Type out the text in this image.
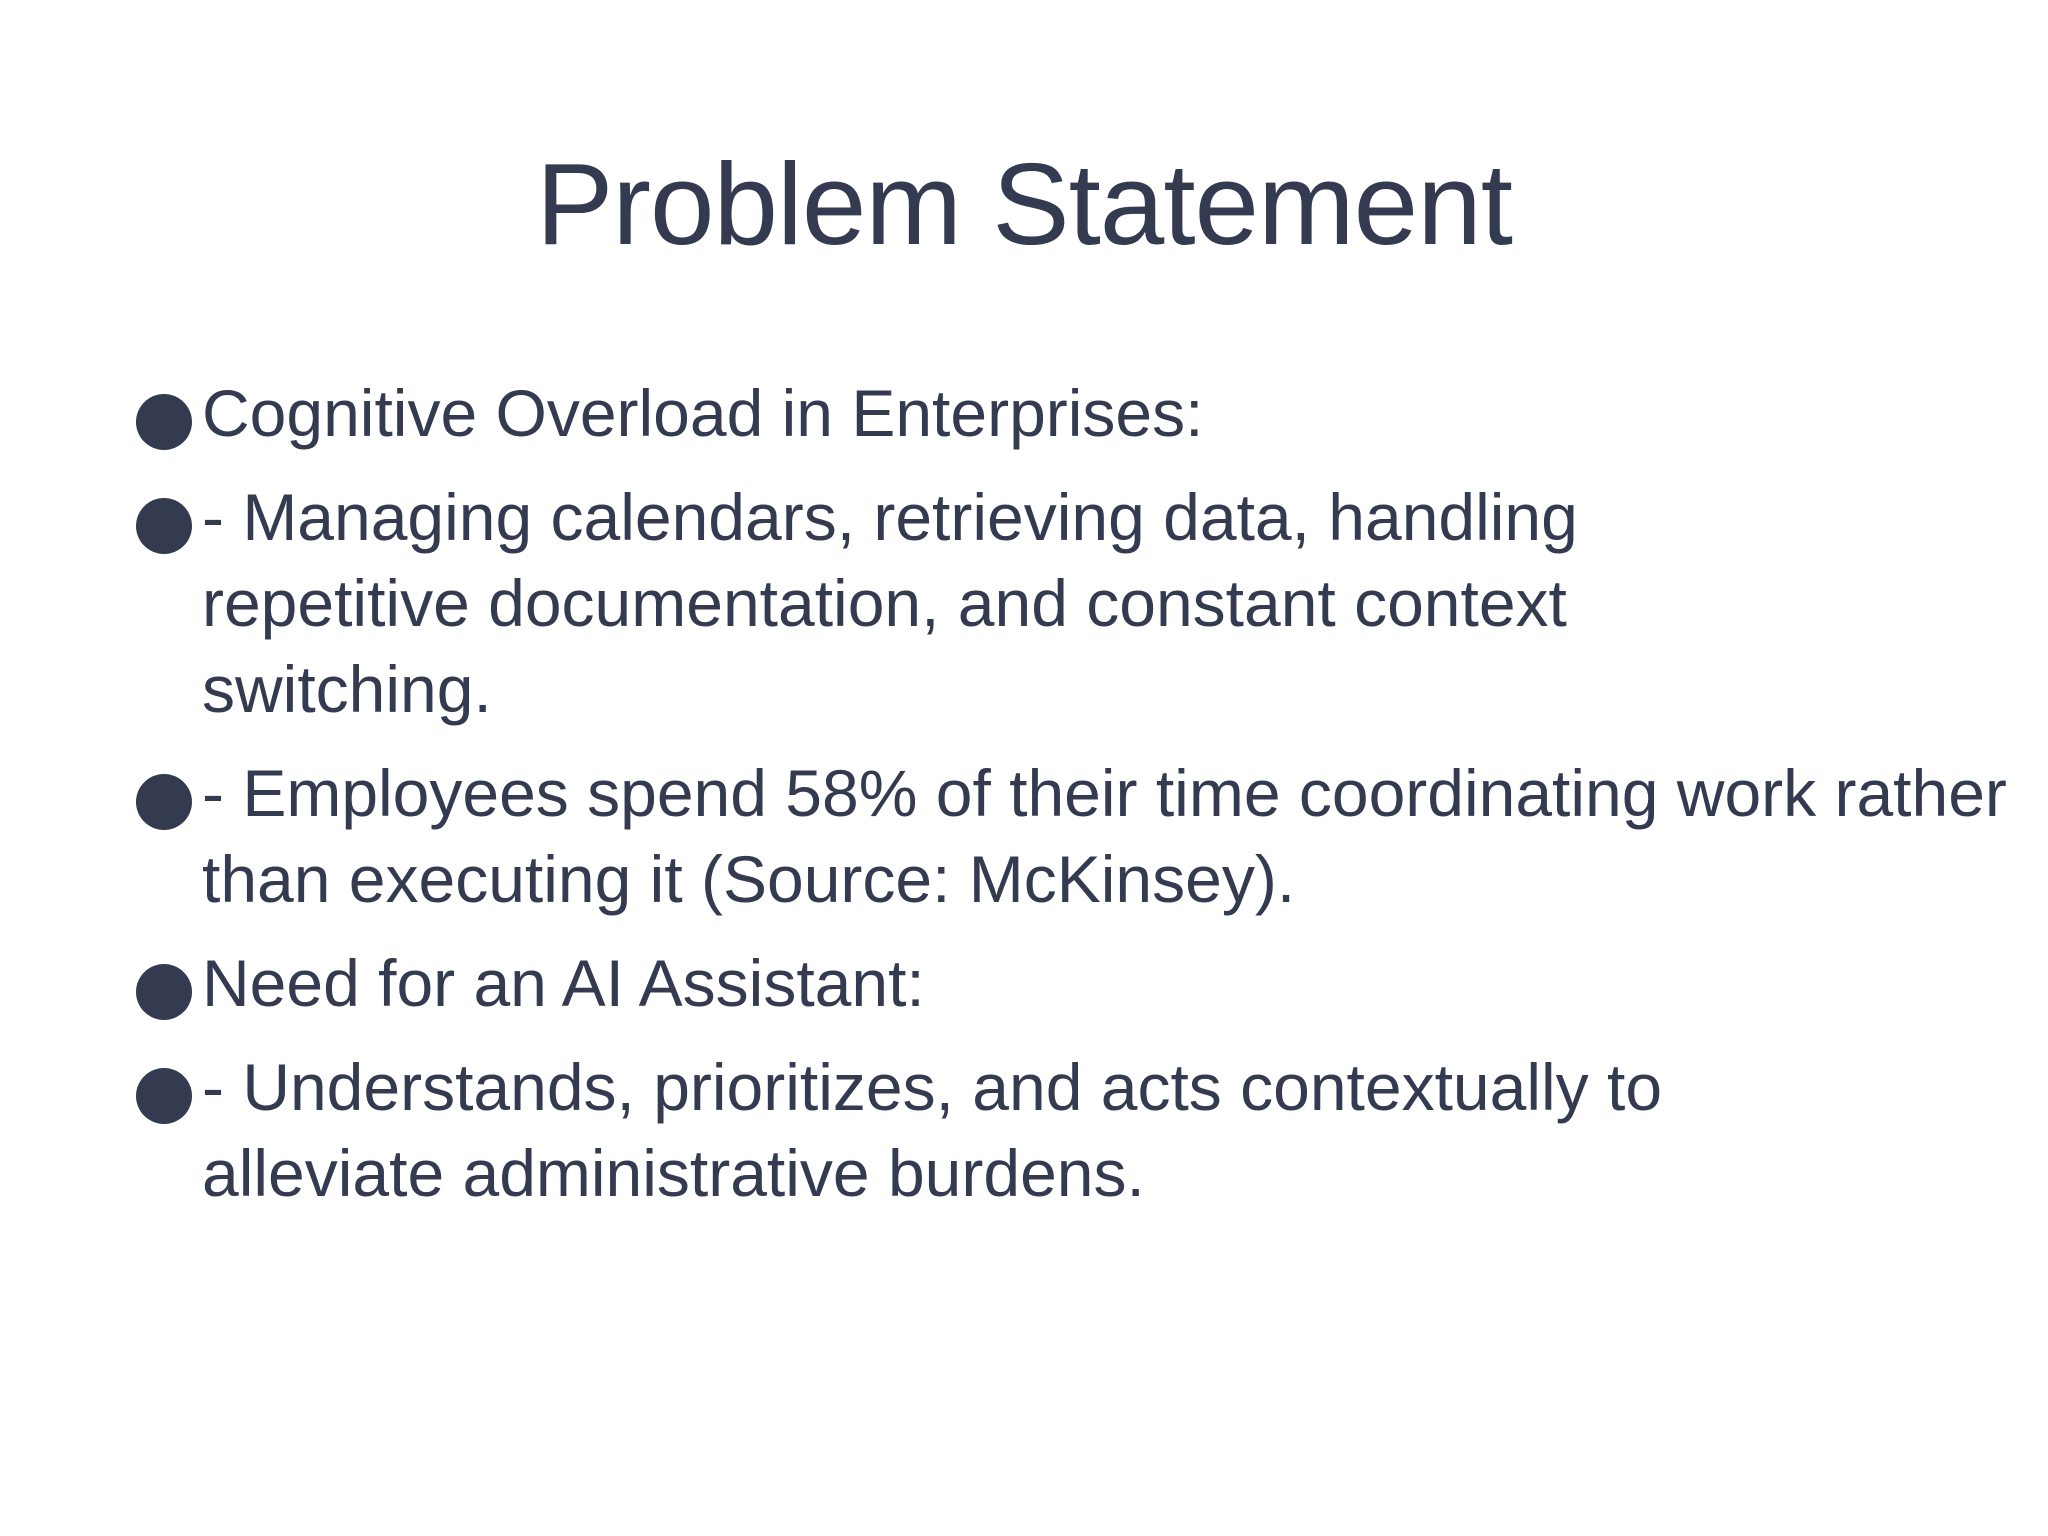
Problem Statement
Cognitive Overload in Enterprises:
- Managing calendars, retrieving data, handling repetitive documentation, and constant context switching.
- Employees spend 58% of their time coordinating work rather than executing it (Source: McKinsey).
Need for an AI Assistant:
- Understands, prioritizes, and acts contextually to alleviate administrative burdens.
